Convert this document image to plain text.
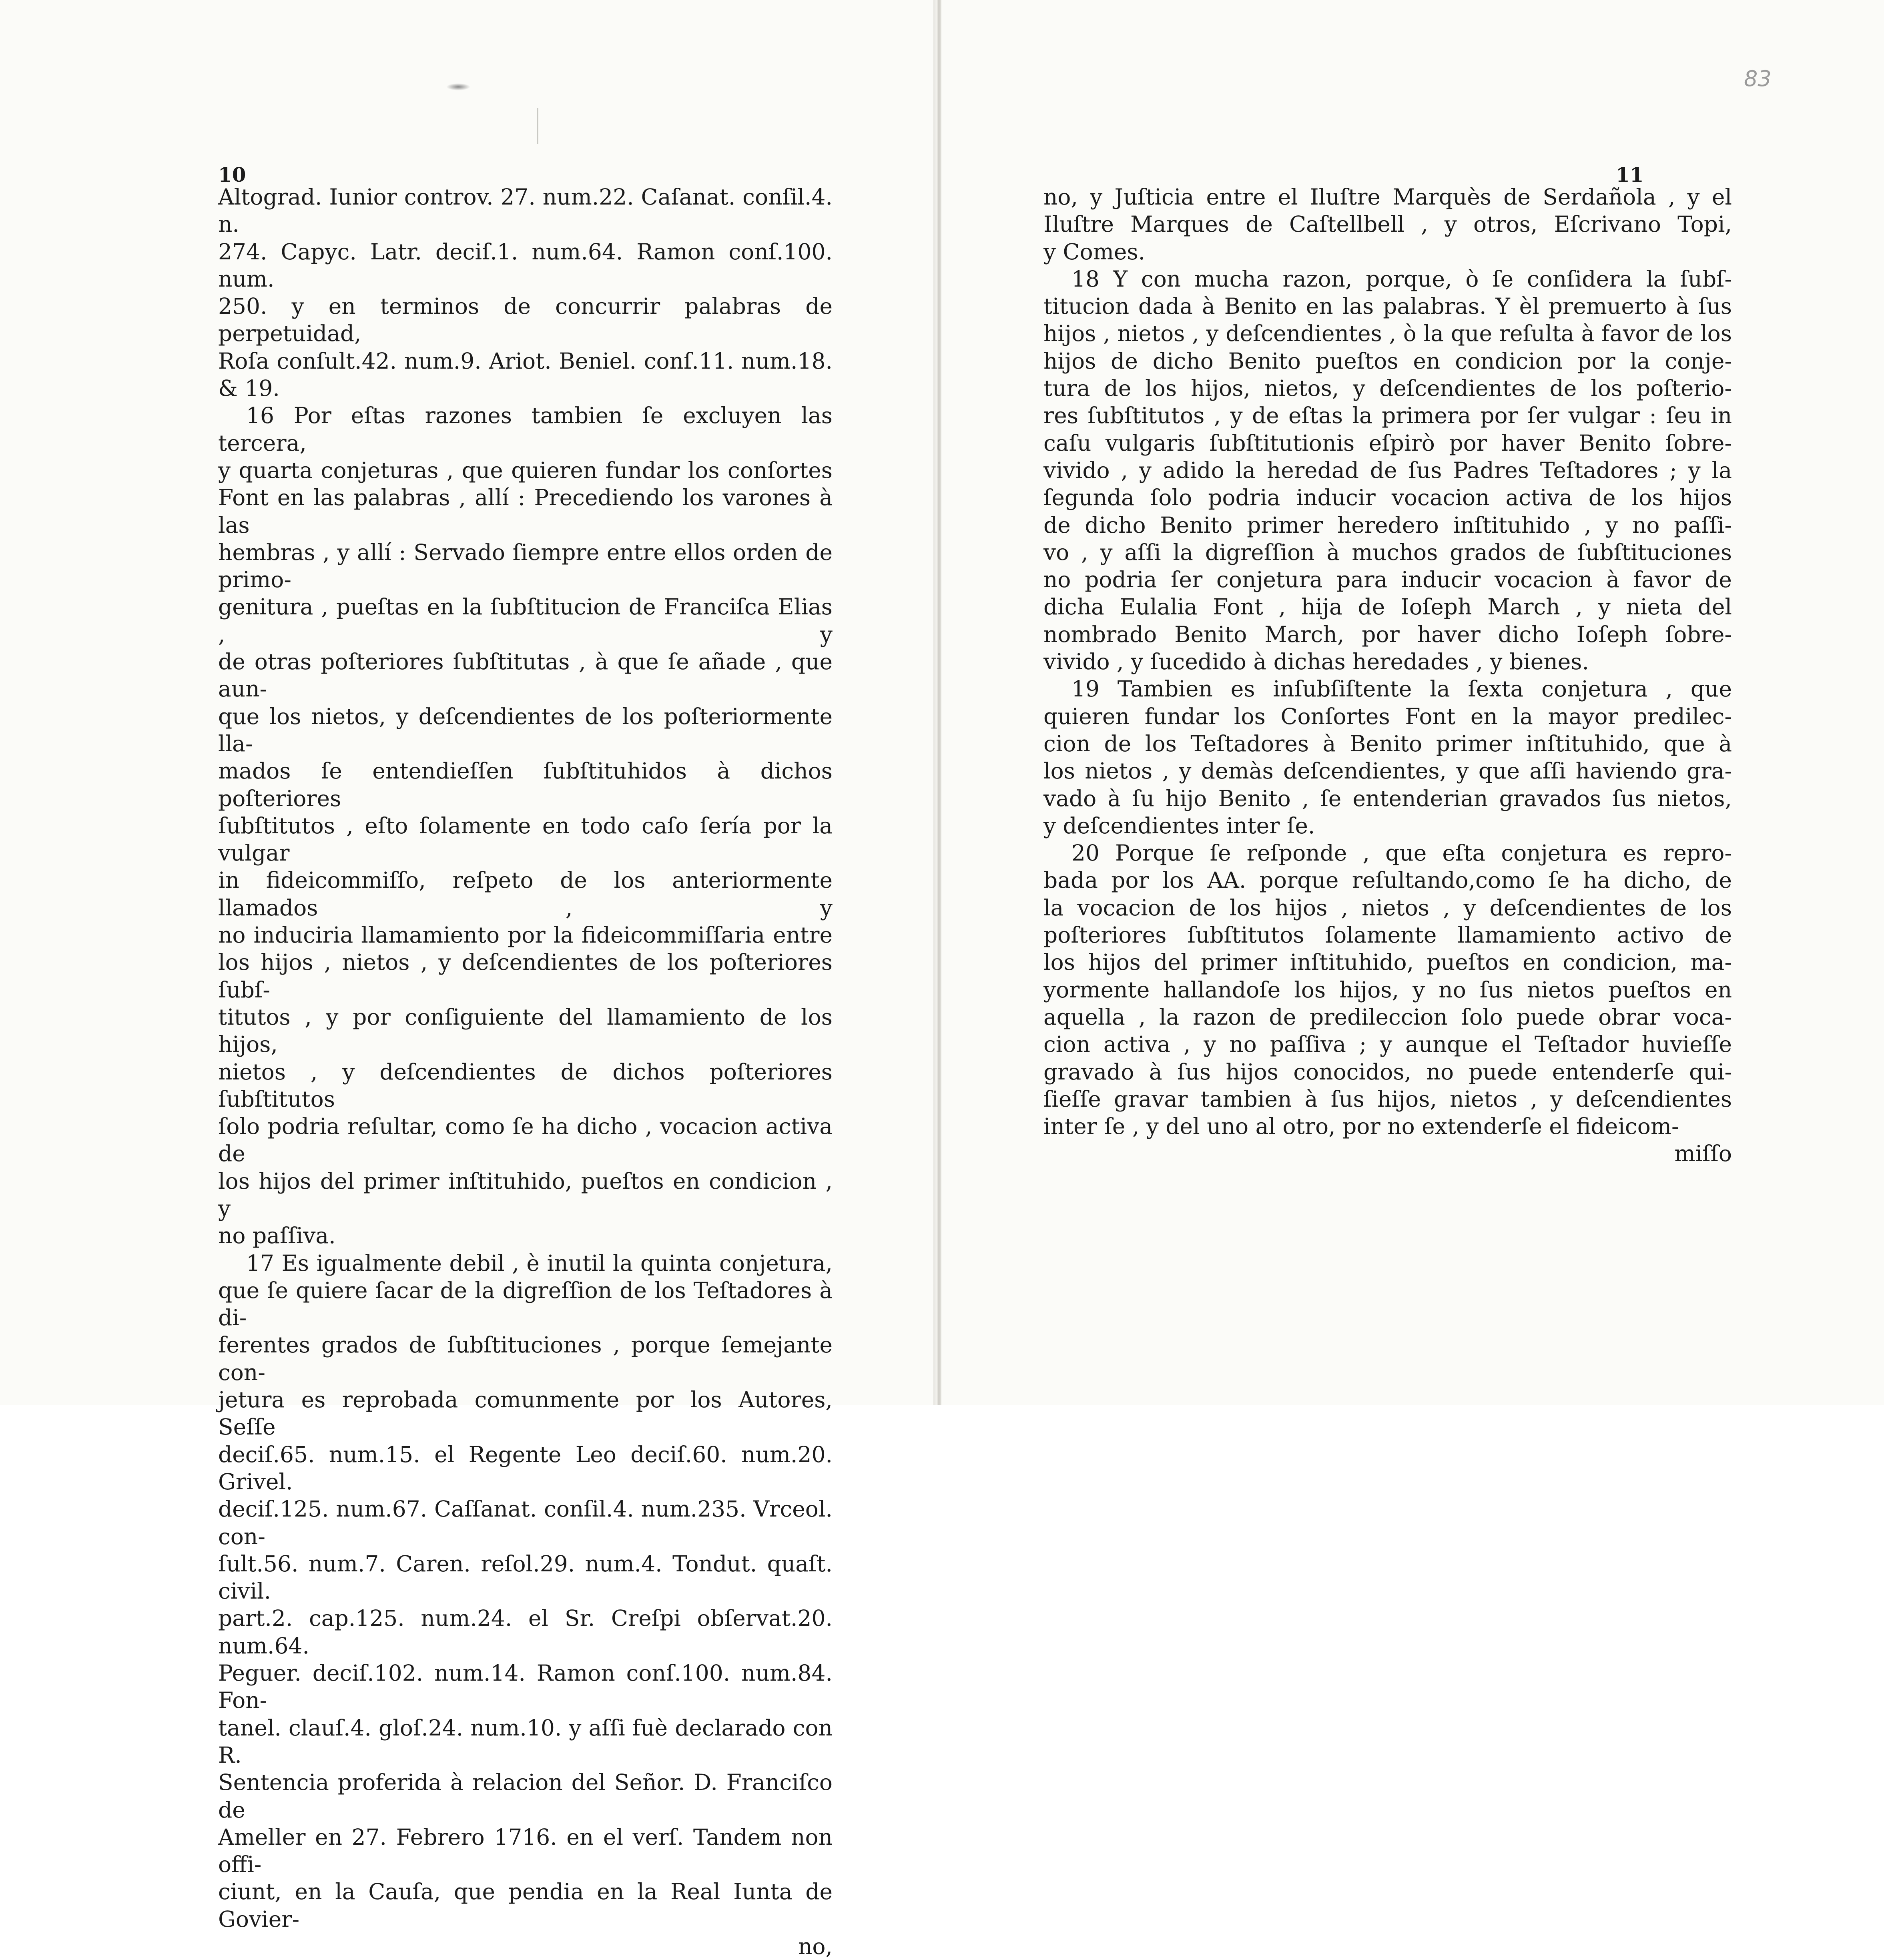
10

Altograd. Iunior controv. 27. num.22. Caſanat. conſil.4. n.

274. Capyc. Latr. deciſ.1. num.64. Ramon conſ.100. num.

250. y en terminos de concurrir palabras de perpetuidad,

Roſa conſult.42. num.9. Ariot. Beniel. conſ.11. num.18.

& 19.

16 Por eſtas razones tambien ſe excluyen las tercera,

y quarta conjeturas , que quieren fundar los conſortes

Font en las palabras , allí : Precediendo los varones à las

hembras , y allí : Servado ſiempre entre ellos orden de primo-

genitura , pueſtas en la ſubſtitucion de Franciſca Elias , y

de otras poſteriores ſubſtitutas , à que ſe añade , que aun-

que los nietos, y deſcendientes de los poſteriormente lla-

mados ſe entendieſſen ſubſtituhidos à dichos poſteriores

ſubſtitutos , eſto ſolamente en todo caſo ſería por la vulgar

in fideicommiſſo, reſpeto de los anteriormente llamados , y

no induciria llamamiento por la fideicommiſſaria entre

los hijos , nietos , y deſcendientes de los poſteriores ſubſ-

titutos , y por conſiguiente del llamamiento de los hijos,

nietos , y deſcendientes de dichos poſteriores ſubſtitutos

ſolo podria reſultar, como ſe ha dicho , vocacion activa de

los hijos del primer inſtituhido, pueſtos en condicion , y

no paſſiva.

17 Es igualmente debil , è inutil la quinta conjetura,

que ſe quiere ſacar de la digreſſion de los Teſtadores à di-

ferentes grados de ſubſtituciones , porque ſemejante con-

jetura es reprobada comunmente por los Autores, Seſſe

deciſ.65. num.15. el Regente Leo deciſ.60. num.20. Grivel.

deciſ.125. num.67. Caſſanat. conſil.4. num.235. Vrceol. con-

ſult.56. num.7. Caren. reſol.29. num.4. Tondut. quaſt. civil.

part.2. cap.125. num.24. el Sr. Creſpi obſervat.20. num.64.

Peguer. deciſ.102. num.14. Ramon conſ.100. num.84. Fon-

tanel. clauſ.4. gloſ.24. num.10. y aſſi fuè declarado con R.

Sentencia proferida à relacion del Señor. D. Franciſco de

Ameller en 27. Febrero 1716. en el verſ. Tandem non offi-

ciunt, en la Cauſa, que pendia en la Real Iunta de Govier-

no,

83
11

no, y Juſticia entre el Iluſtre Marquès de Serdañola , y el

Iluſtre Marques de Caſtellbell , y otros, Eſcrivano Topi,

y Comes.

18 Y con mucha razon, porque, ò ſe conſidera la ſubſ-

titucion dada à Benito en las palabras. Y èl premuerto à ſus

hijos , nietos , y deſcendientes , ò la que reſulta à favor de los

hijos de dicho Benito pueſtos en condicion por la conje-

tura de los hijos, nietos, y deſcendientes de los poſterio-

res ſubſtitutos , y de eſtas la primera por ſer vulgar : ſeu in

caſu vulgaris ſubſtitutionis eſpirò por haver Benito ſobre-

vivido , y adido la heredad de ſus Padres Teſtadores ; y la

ſegunda ſolo podria inducir vocacion activa de los hijos

de dicho Benito primer heredero inſtituhido , y no paſſi-

vo , y aſſi la digreſſion à muchos grados de ſubſtituciones

no podria ſer conjetura para inducir vocacion à favor de

dicha Eulalia Font , hija de Ioſeph March , y nieta del

nombrado Benito March, por haver dicho Ioſeph ſobre-

vivido , y ſucedido à dichas heredades , y bienes.

19 Tambien es inſubſiſtente la ſexta conjetura , que

quieren fundar los Conſortes Font en la mayor predilec-

cion de los Teſtadores à Benito primer inſtituhido, que à

los nietos , y demàs deſcendientes, y que aſſi haviendo gra-

vado à ſu hijo Benito , ſe entenderian gravados ſus nietos,

y deſcendientes inter ſe.

20 Porque ſe reſponde , que eſta conjetura es repro-

bada por los AA. porque reſultando,como ſe ha dicho, de

la vocacion de los hijos , nietos , y deſcendientes de los

poſteriores ſubſtitutos ſolamente llamamiento activo de

los hijos del primer inſtituhido, pueſtos en condicion, ma-

yormente hallandoſe los hijos, y no ſus nietos pueſtos en

aquella , la razon de predileccion ſolo puede obrar voca-

cion activa , y no paſſiva ; y aunque el Teſtador huvieſſe

gravado à ſus hijos conocidos, no puede entenderſe qui-

ſieſſe gravar tambien à ſus hijos, nietos , y deſcendientes

inter ſe , y del uno al otro, por no extenderſe el fideicom-

miſſo
